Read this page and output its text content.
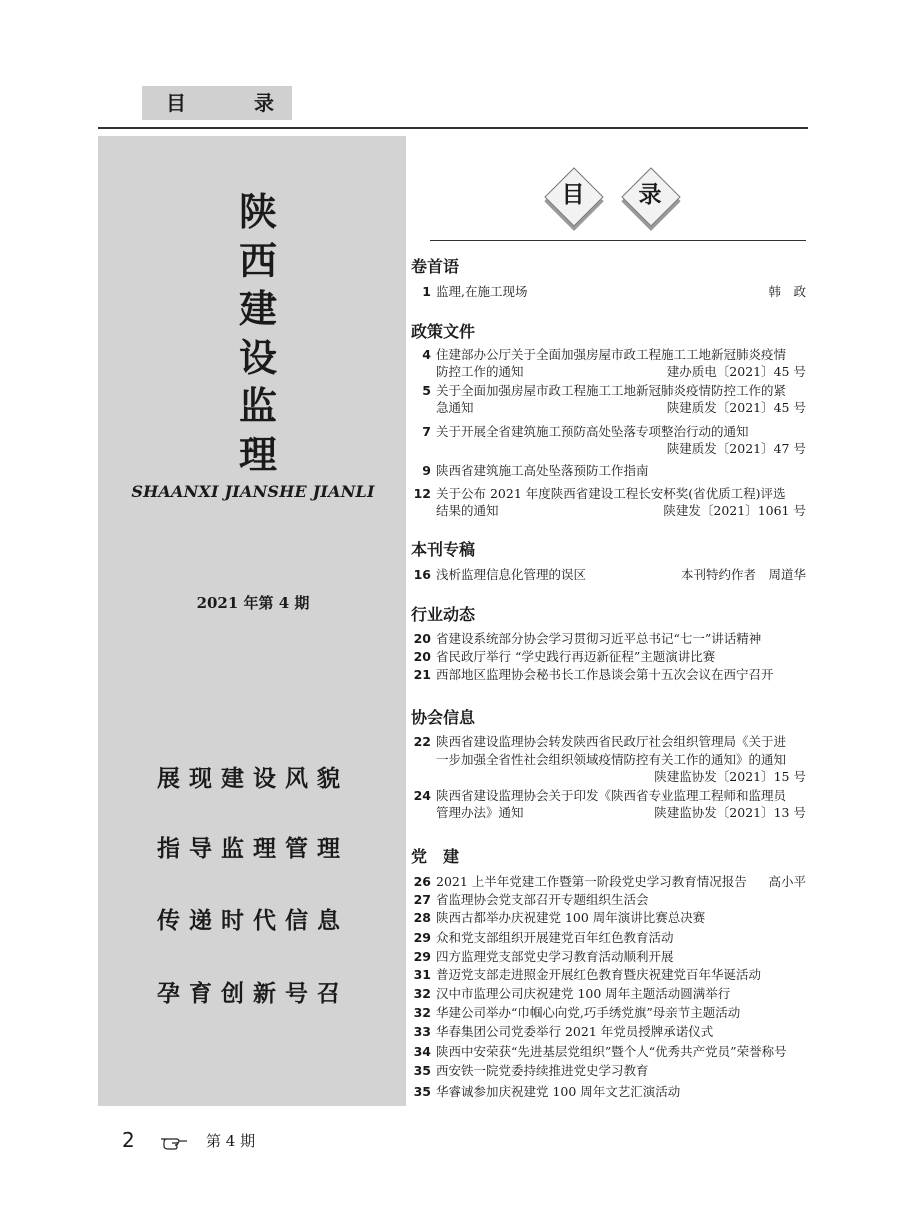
目	录
陕
西
建
设
监
理
SHAANXI JIANSHE JIANLI
2021 年第 4 期
展现建设风貌
指导监理管理
传递时代信息
孕育创新号召
目	录
卷首语
1 监理,在施工现场	韩　政
政策文件
4 住建部办公厅关于全面加强房屋市政工程施工工地新冠肺炎疫情
防控工作的通知	建办质电〔2021〕45 号
5 关于全面加强房屋市政工程施工工地新冠肺炎疫情防控工作的紧
急通知	陕建质发〔2021〕45 号
7 关于开展全省建筑施工预防高处坠落专项整治行动的通知
陕建质发〔2021〕47 号
9 陕西省建筑施工高处坠落预防工作指南
12 关于公布 2021 年度陕西省建设工程长安杯奖(省优质工程)评选
结果的通知	陕建发〔2021〕1061 号
本刊专稿
16 浅析监理信息化管理的误区	本刊特约作者　周道华
行业动态
20 省建设系统部分协会学习贯彻习近平总书记“七一”讲话精神
20 省民政厅举行 “学史践行再迈新征程”主题演讲比赛
21 西部地区监理协会秘书长工作恳谈会第十五次会议在西宁召开
协会信息
22 陕西省建设监理协会转发陕西省民政厅社会组织管理局《关于进
一步加强全省性社会组织领域疫情防控有关工作的通知》的通知
陕建监协发〔2021〕15 号
24 陕西省建设监理协会关于印发《陕西省专业监理工程师和监理员
管理办法》通知	陕建监协发〔2021〕13 号
党　建
26 2021 上半年党建工作暨第一阶段党史学习教育情况报告 高小平
27 省监理协会党支部召开专题组织生活会
28 陕西古都举办庆祝建党 100 周年演讲比赛总决赛
29 众和党支部组织开展建党百年红色教育活动
29 四方监理党支部党史学习教育活动顺利开展
31 普迈党支部走进照金开展红色教育暨庆祝建党百年华诞活动
32 汉中市监理公司庆祝建党 100 周年主题活动圆满举行
32 华建公司举办“巾帼心向党,巧手绣党旗”母亲节主题活动
33 华春集团公司党委举行 2021 年党员授牌承诺仪式
34 陕西中安荣获“先进基层党组织”暨个人“优秀共产党员”荣誉称号
35 西安铁一院党委持续推进党史学习教育
35 华睿诚参加庆祝建党 100 周年文艺汇演活动
2	第 4 期
